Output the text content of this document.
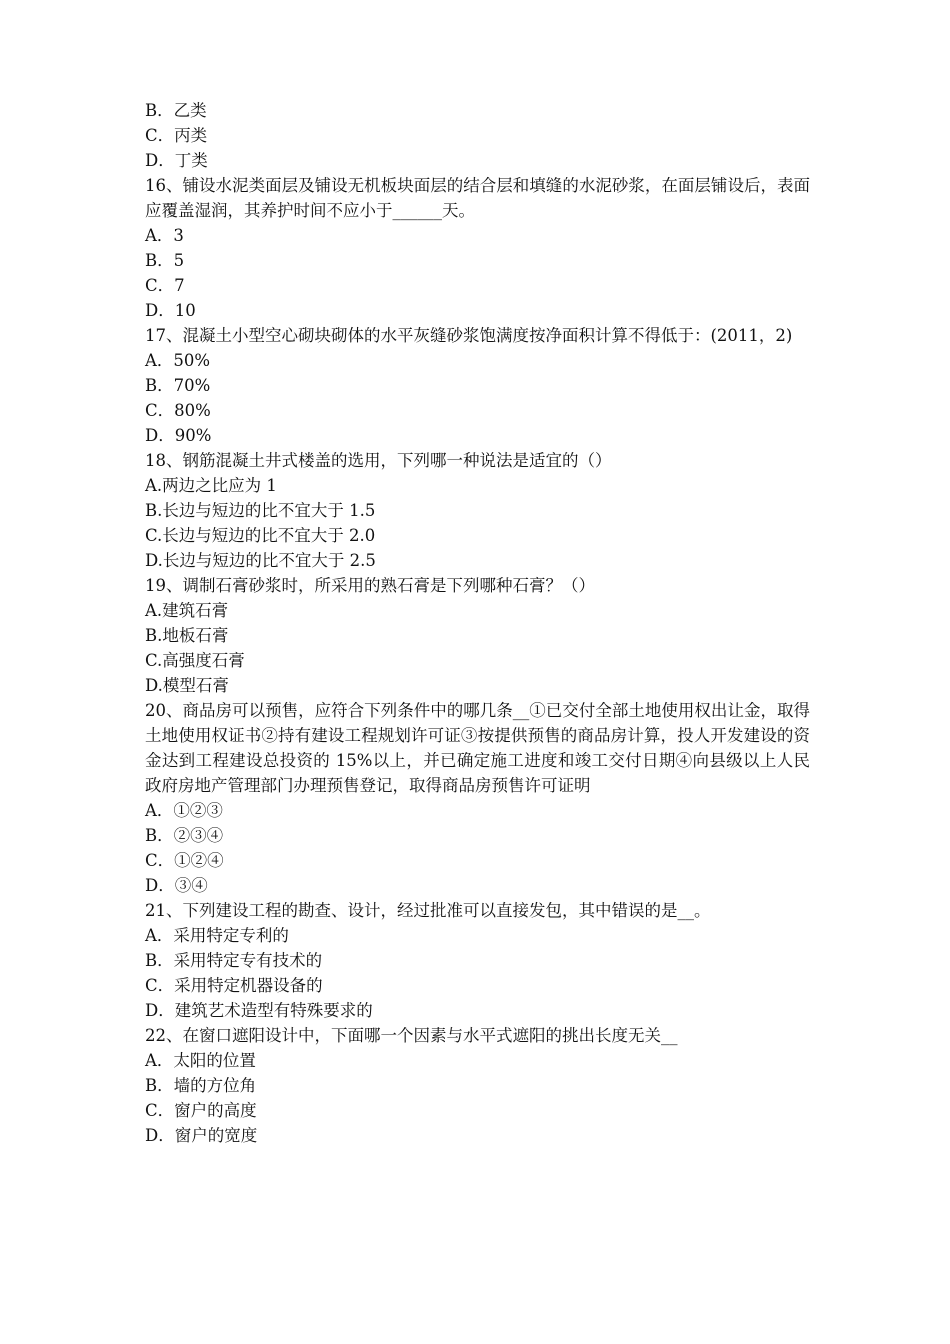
B．乙类
C．丙类
D．丁类
16、铺设水泥类面层及铺设无机板块面层的结合层和填缝的水泥砂浆，在面层铺设后，表面应覆盖湿润，其养护时间不应小于______天。
A．3
B．5
C．7
D．10
17、混凝土小型空心砌块砌体的水平灰缝砂浆饱满度按净面积计算不得低于：(2011，2)
A．50%
B．70%
C．80%
D．90%
18、钢筋混凝土井式楼盖的选用，下列哪一种说法是适宜的（）
A.两边之比应为 1
B.长边与短边的比不宜大于 1.5
C.长边与短边的比不宜大于 2.0
D.长边与短边的比不宜大于 2.5
19、调制石膏砂浆时，所采用的熟石膏是下列哪种石膏？（）
A.建筑石膏
B.地板石膏
C.高强度石膏
D.模型石膏
20、商品房可以预售，应符合下列条件中的哪几条__①已交付全部土地使用权出让金，取得土地使用权证书②持有建设工程规划许可证③按提供预售的商品房计算，投人开发建设的资金达到工程建设总投资的 15%以上，并已确定施工进度和竣工交付日期④向县级以上人民政府房地产管理部门办理预售登记，取得商品房预售许可证明
A．①②③
B．②③④
C．①②④
D．③④
21、下列建设工程的勘查、设计，经过批准可以直接发包，其中错误的是__。
A．采用特定专利的
B．采用特定专有技术的
C．采用特定机器设备的
D．建筑艺术造型有特殊要求的
22、在窗口遮阳设计中，下面哪一个因素与水平式遮阳的挑出长度无关__
A．太阳的位置
B．墙的方位角
C．窗户的高度
D．窗户的宽度
